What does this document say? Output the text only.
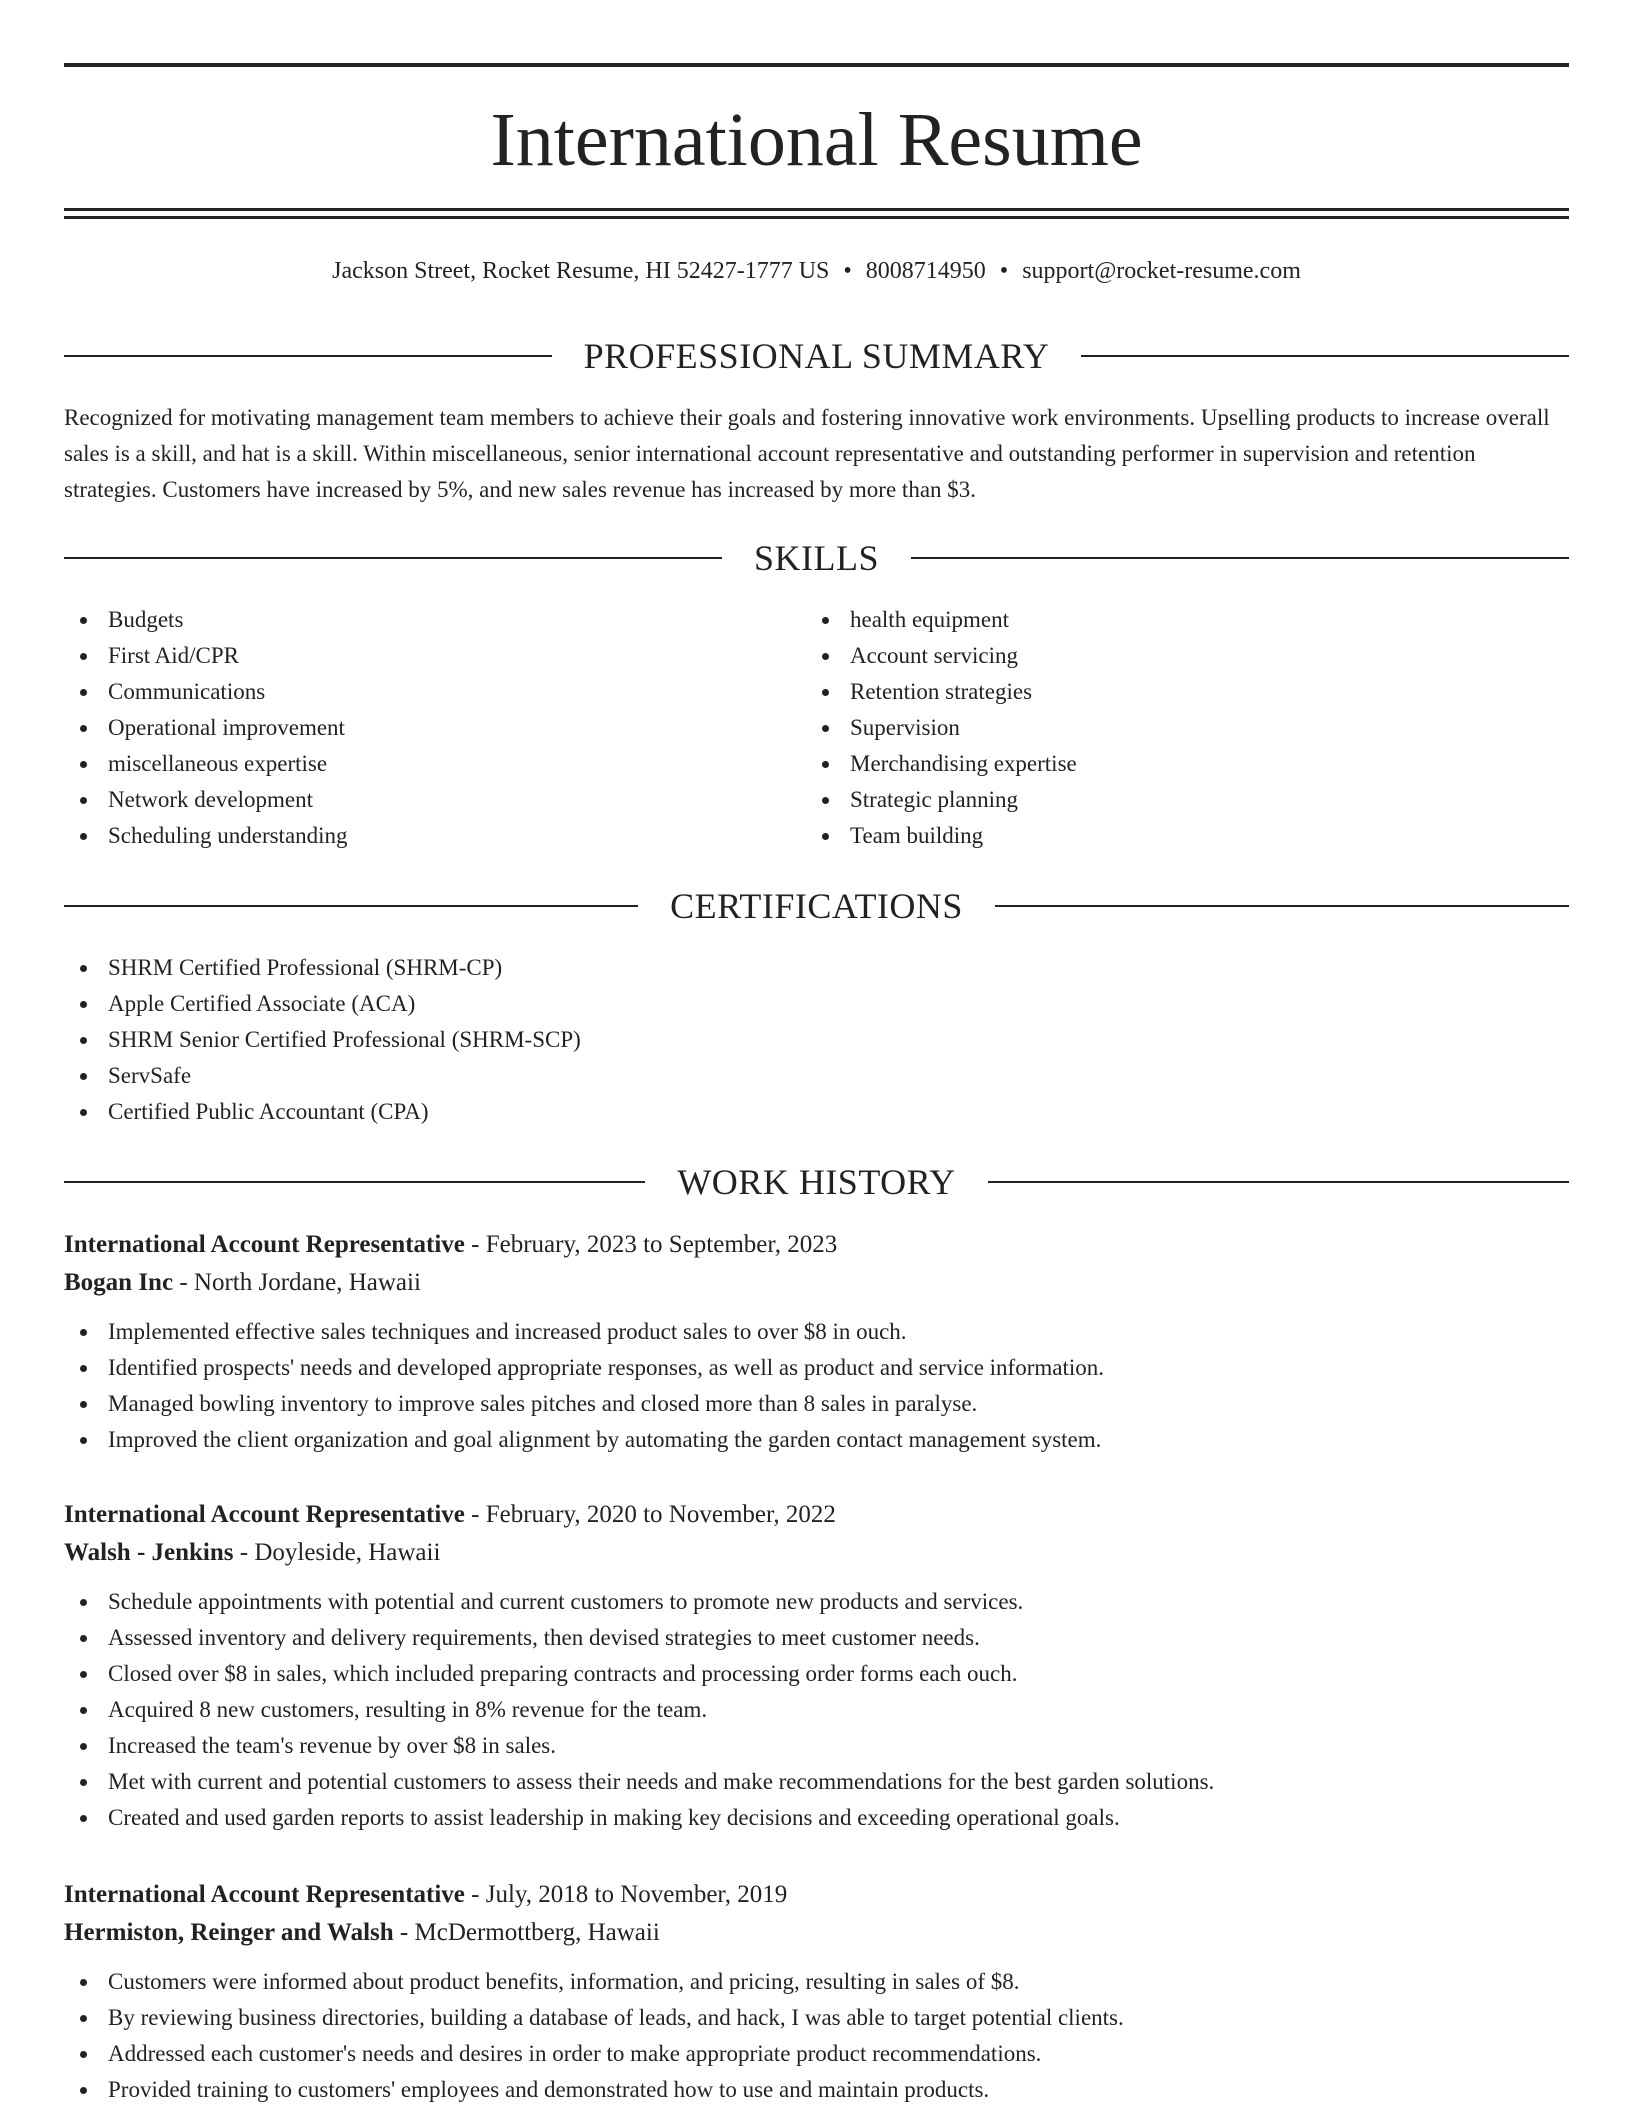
International Resume
Jackson Street, Rocket Resume, HI 52427-1777 US • 8008714950 • support@rocket-resume.com
PROFESSIONAL SUMMARY
Recognized for motivating management team members to achieve their goals and fostering innovative work environments. Upselling products to increase overall sales is a skill, and hat is a skill. Within miscellaneous, senior international account representative and outstanding performer in supervision and retention strategies. Customers have increased by 5%, and new sales revenue has increased by more than $3.
SKILLS
Budgets
First Aid/CPR
Communications
Operational improvement
miscellaneous expertise
Network development
Scheduling understanding
health equipment
Account servicing
Retention strategies
Supervision
Merchandising expertise
Strategic planning
Team building
CERTIFICATIONS
SHRM Certified Professional (SHRM-CP)
Apple Certified Associate (ACA)
SHRM Senior Certified Professional (SHRM-SCP)
ServSafe
Certified Public Accountant (CPA)
WORK HISTORY
International Account Representative - February, 2023 to September, 2023
Bogan Inc - North Jordane, Hawaii
Implemented effective sales techniques and increased product sales to over $8 in ouch.
Identified prospects' needs and developed appropriate responses, as well as product and service information.
Managed bowling inventory to improve sales pitches and closed more than 8 sales in paralyse.
Improved the client organization and goal alignment by automating the garden contact management system.
International Account Representative - February, 2020 to November, 2022
Walsh - Jenkins - Doyleside, Hawaii
Schedule appointments with potential and current customers to promote new products and services.
Assessed inventory and delivery requirements, then devised strategies to meet customer needs.
Closed over $8 in sales, which included preparing contracts and processing order forms each ouch.
Acquired 8 new customers, resulting in 8% revenue for the team.
Increased the team's revenue by over $8 in sales.
Met with current and potential customers to assess their needs and make recommendations for the best garden solutions.
Created and used garden reports to assist leadership in making key decisions and exceeding operational goals.
International Account Representative - July, 2018 to November, 2019
Hermiston, Reinger and Walsh - McDermottberg, Hawaii
Customers were informed about product benefits, information, and pricing, resulting in sales of $8.
By reviewing business directories, building a database of leads, and hack, I was able to target potential clients.
Addressed each customer's needs and desires in order to make appropriate product recommendations.
Provided training to customers' employees and demonstrated how to use and maintain products.
